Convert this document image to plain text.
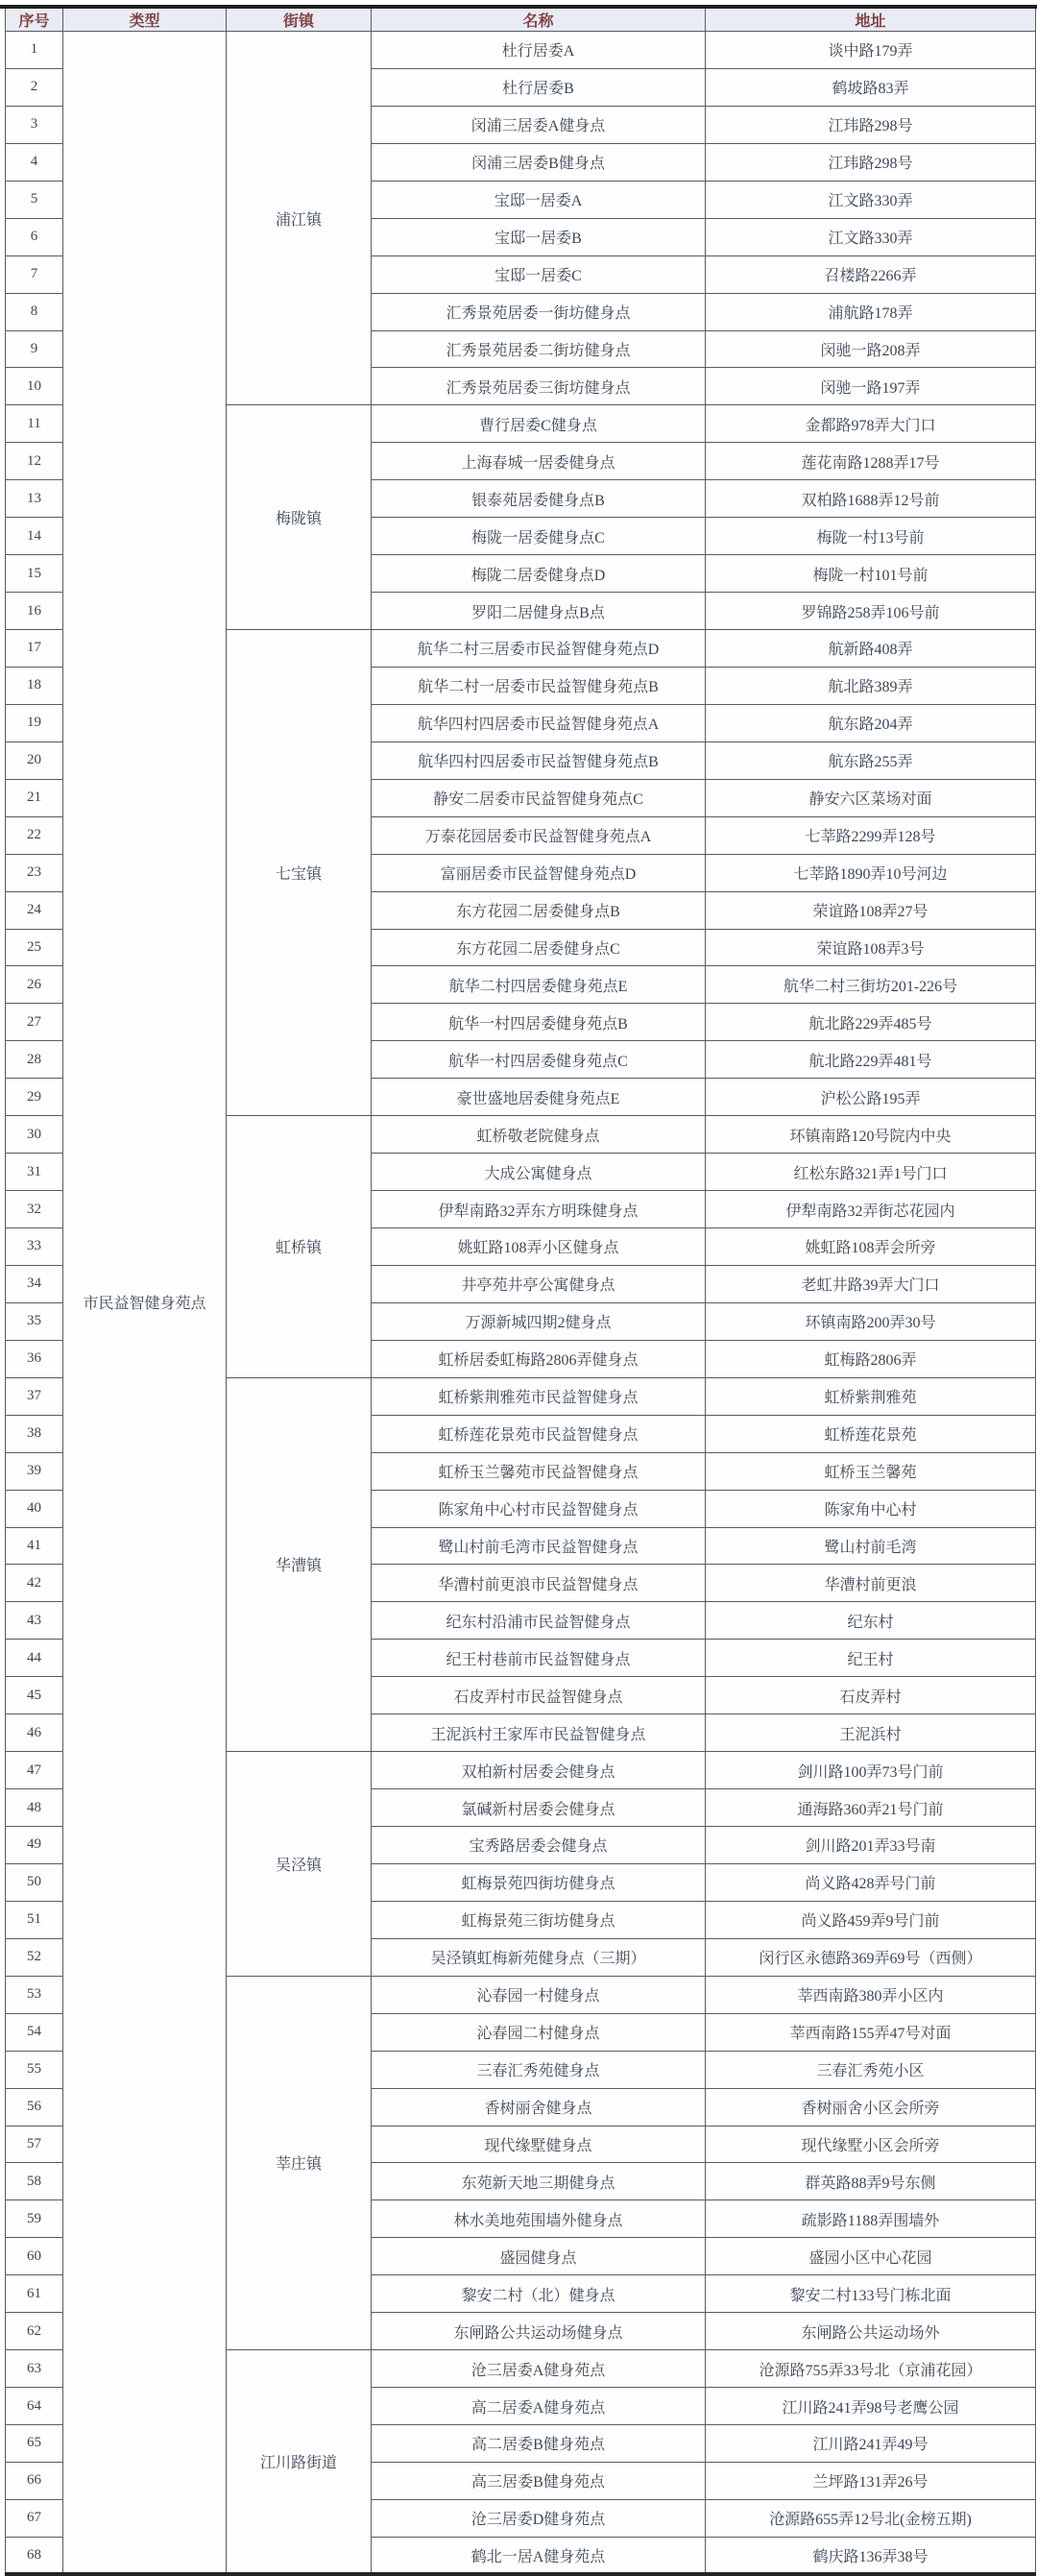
序号	类型	街镇	名称	地址
1	市民益智健身苑点	浦江镇	杜行居委A	谈中路179弄
2			杜行居委B	鹤坡路83弄
3			闵浦三居委A健身点	江玮路298号
4			闵浦三居委B健身点	江玮路298号
5			宝邸一居委A	江文路330弄
6			宝邸一居委B	江文路330弄
7			宝邸一居委C	召楼路2266弄
8			汇秀景苑居委一街坊健身点	浦航路178弄
9			汇秀景苑居委二街坊健身点	闵驰一路208弄
10			汇秀景苑居委三街坊健身点	闵驰一路197弄
11		梅陇镇	曹行居委C健身点	金都路978弄大门口
12			上海春城一居委健身点	莲花南路1288弄17号
13			银泰苑居委健身点B	双柏路1688弄12号前
14			梅陇一居委健身点C	梅陇一村13号前
15			梅陇二居委健身点D	梅陇一村101号前
16			罗阳二居健身点B点	罗锦路258弄106号前
17		七宝镇	航华二村三居委市民益智健身苑点D	航新路408弄
18			航华二村一居委市民益智健身苑点B	航北路389弄
19			航华四村四居委市民益智健身苑点A	航东路204弄
20			航华四村四居委市民益智健身苑点B	航东路255弄
21			静安二居委市民益智健身苑点C	静安六区菜场对面
22			万泰花园居委市民益智健身苑点A	七莘路2299弄128号
23			富丽居委市民益智健身苑点D	七莘路1890弄10号河边
24			东方花园二居委健身点B	荣谊路108弄27号
25			东方花园二居委健身点C	荣谊路108弄3号
26			航华二村四居委健身苑点E	航华二村三街坊201-226号
27			航华一村四居委健身苑点B	航北路229弄485号
28			航华一村四居委健身苑点C	航北路229弄481号
29			豪世盛地居委健身苑点E	沪松公路195弄
30		虹桥镇	虹桥敬老院健身点	环镇南路120号院内中央
31			大成公寓健身点	红松东路321弄1号门口
32			伊犁南路32弄东方明珠健身点	伊犁南路32弄街芯花园内
33			姚虹路108弄小区健身点	姚虹路108弄会所旁
34			井亭苑井亭公寓健身点	老虹井路39弄大门口
35			万源新城四期2健身点	环镇南路200弄30号
36			虹桥居委虹梅路2806弄健身点	虹梅路2806弄
37		华漕镇	虹桥紫荆雅苑市民益智健身点	虹桥紫荆雅苑
38			虹桥莲花景苑市民益智健身点	虹桥莲花景苑
39			虹桥玉兰馨苑市民益智健身点	虹桥玉兰馨苑
40			陈家角中心村市民益智健身点	陈家角中心村
41			鹭山村前毛湾市民益智健身点	鹭山村前毛湾
42			华漕村前更浪市民益智健身点	华漕村前更浪
43			纪东村沿浦市民益智健身点	纪东村
44			纪王村巷前市民益智健身点	纪王村
45			石皮弄村市民益智健身点	石皮弄村
46			王泥浜村王家厍市民益智健身点	王泥浜村
47		吴泾镇	双柏新村居委会健身点	剑川路100弄73号门前
48			氯碱新村居委会健身点	通海路360弄21号门前
49			宝秀路居委会健身点	剑川路201弄33号南
50			虹梅景苑四街坊健身点	尚义路428弄号门前
51			虹梅景苑三街坊健身点	尚义路459弄9号门前
52			吴泾镇虹梅新苑健身点（三期）	闵行区永德路369弄69号（西侧）
53		莘庄镇	沁春园一村健身点	莘西南路380弄小区内
54			沁春园二村健身点	莘西南路155弄47号对面
55			三春汇秀苑健身点	三春汇秀苑小区
56			香树丽舍健身点	香树丽舍小区会所旁
57			现代缘墅健身点	现代缘墅小区会所旁
58			东苑新天地三期健身点	群英路88弄9号东侧
59			林水美地苑围墙外健身点	疏影路1188弄围墙外
60			盛园健身点	盛园小区中心花园
61			黎安二村（北）健身点	黎安二村133号门栋北面
62			东闸路公共运动场健身点	东闸路公共运动场外
63		江川路街道	沧三居委A健身苑点	沧源路755弄33号北（京浦花园）
64			高二居委A健身苑点	江川路241弄98号老鹰公园
65			高二居委B健身苑点	江川路241弄49号
66			高三居委B健身苑点	兰坪路131弄26号
67			沧三居委D健身苑点	沧源路655弄12号北(金榜五期)
68			鹤北一居A健身苑点	鹤庆路136弄38号
